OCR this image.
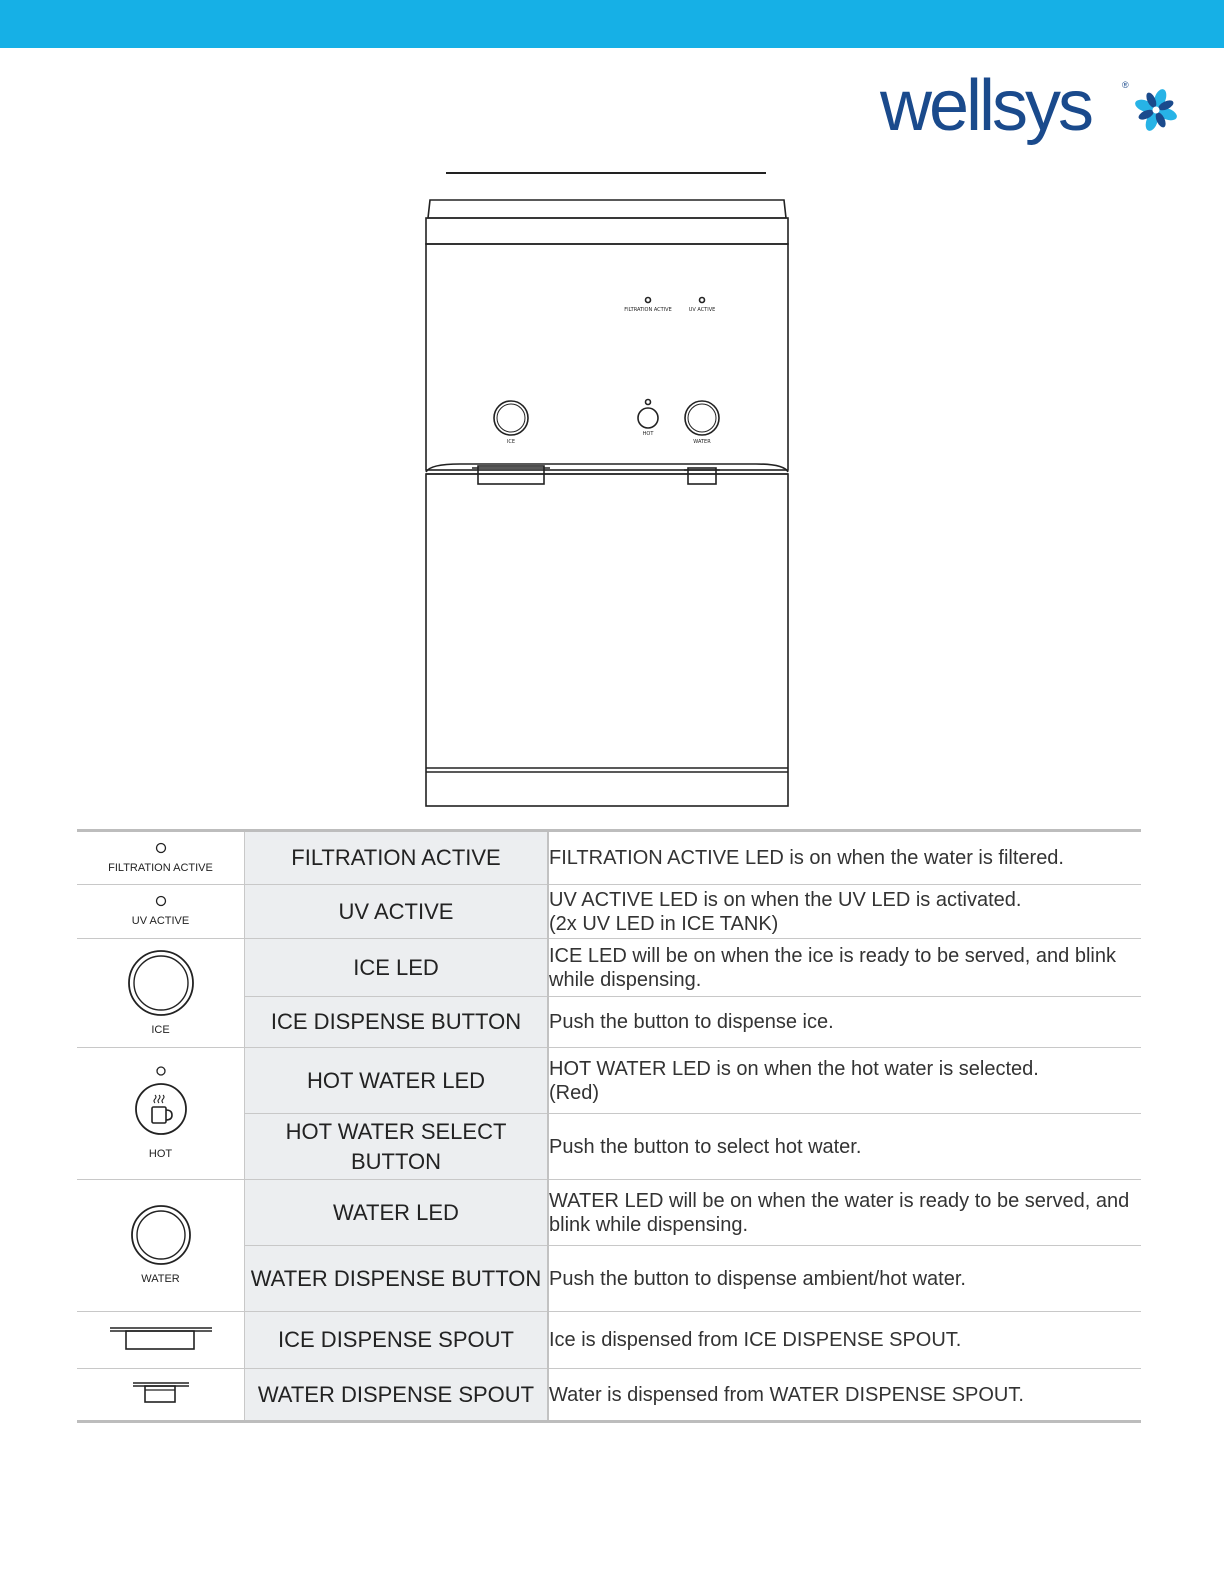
wellsys	®
FILTRATION ACTIVE	UV ACTIVE
ICE
HOT
WATER
FILTRATION ACTIVE	FILTRATION ACTIVE	FILTRATION ACTIVE LED is on when the water is filtered.

UV ACTIVE	UV ACTIVE	UV ACTIVE LED is on when the UV LED is activated.
(2x UV LED in ICE TANK)

ICE	ICE LED	ICE LED will be on when the ice is ready to be served, and blink while dispensing.
	ICE DISPENSE BUTTON	Push the button to dispense ice.

HOT	HOT WATER LED	HOT WATER LED is on when the hot water is selected.
(Red)

	HOT WATER SELECT BUTTON	Push the button to select hot water.

WATER	WATER LED	WATER LED will be on when the water is ready to be served, and blink while dispensing.
	WATER DISPENSE BUTTON	Push the button to dispense ambient/hot water.
	ICE DISPENSE SPOUT	Ice is dispensed from ICE DISPENSE SPOUT.
	WATER DISPENSE SPOUT	Water is dispensed from WATER DISPENSE SPOUT.
